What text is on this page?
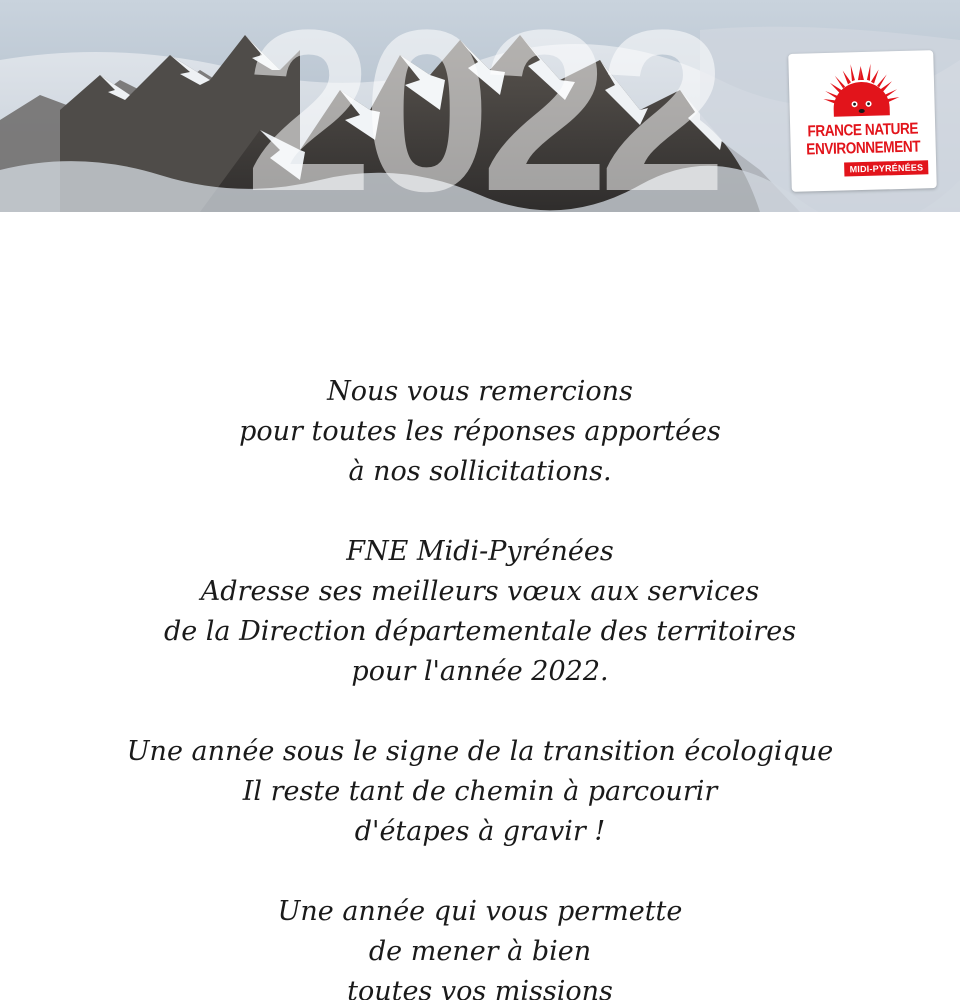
2022	FRANCE NATURE
ENVIRONNEMENT
MIDI-PYRÉNÉES

Nous vous remercions
pour toutes les réponses apportées
à nos sollicitations.

FNE Midi-Pyrénées
Adresse ses meilleurs vœux aux services
de la Direction départementale des territoires
pour l'année 2022.

Une année sous le signe de la transition écologique
Il reste tant de chemin à parcourir
d'étapes à gravir !

Une année qui vous permette
de mener à bien
toutes vos missions
